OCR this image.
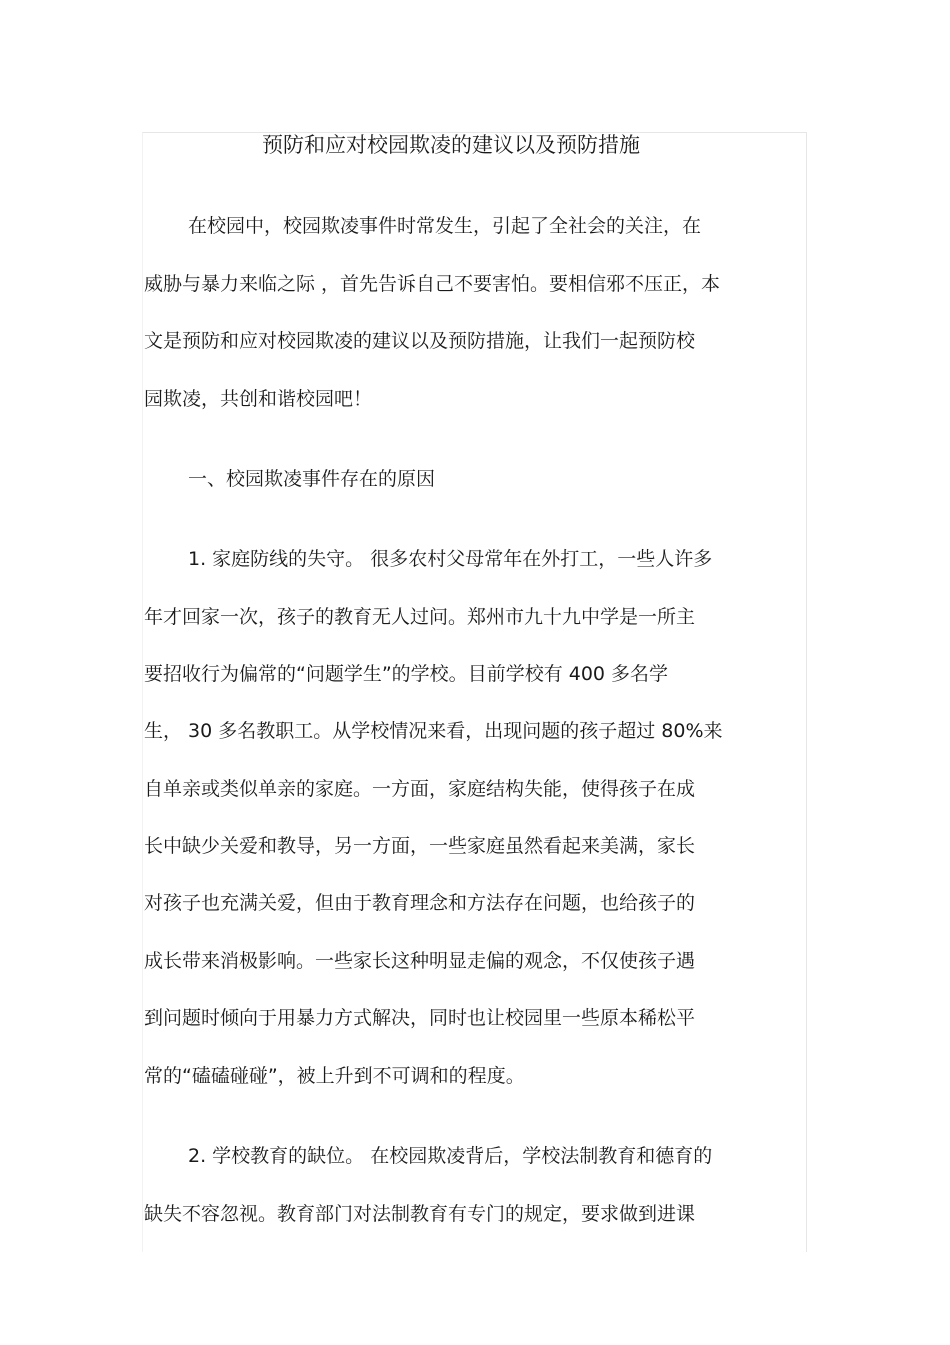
预防和应对校园欺凌的建议以及预防措施
在校园中，校园欺凌事件时常发生，引起了全社会的关注，在
威胁与暴力来临之际 ，首先告诉自己不要害怕。要相信邪不压正，本
文是预防和应对校园欺凌的建议以及预防措施，让我们一起预防校
园欺凌，共创和谐校园吧！
一、校园欺凌事件存在的原因
1. 家庭防线的失守。 很多农村父母常年在外打工，一些人许多
年才回家一次，孩子的教育无人过问。郑州市九十九中学是一所主
要招收行为偏常的“问题学生”的学校。目前学校有 400 多名学
生， 30 多名教职工。从学校情况来看，出现问题的孩子超过 80%来
自单亲或类似单亲的家庭。一方面，家庭结构失能，使得孩子在成
长中缺少关爱和教导，另一方面，一些家庭虽然看起来美满，家长
对孩子也充满关爱，但由于教育理念和方法存在问题，也给孩子的
成长带来消极影响。一些家长这种明显走偏的观念，不仅使孩子遇
到问题时倾向于用暴力方式解决，同时也让校园里一些原本稀松平
常的“磕磕碰碰”，被上升到不可调和的程度。
2. 学校教育的缺位。 在校园欺凌背后，学校法制教育和德育的
缺失不容忽视。教育部门对法制教育有专门的规定，要求做到进课
